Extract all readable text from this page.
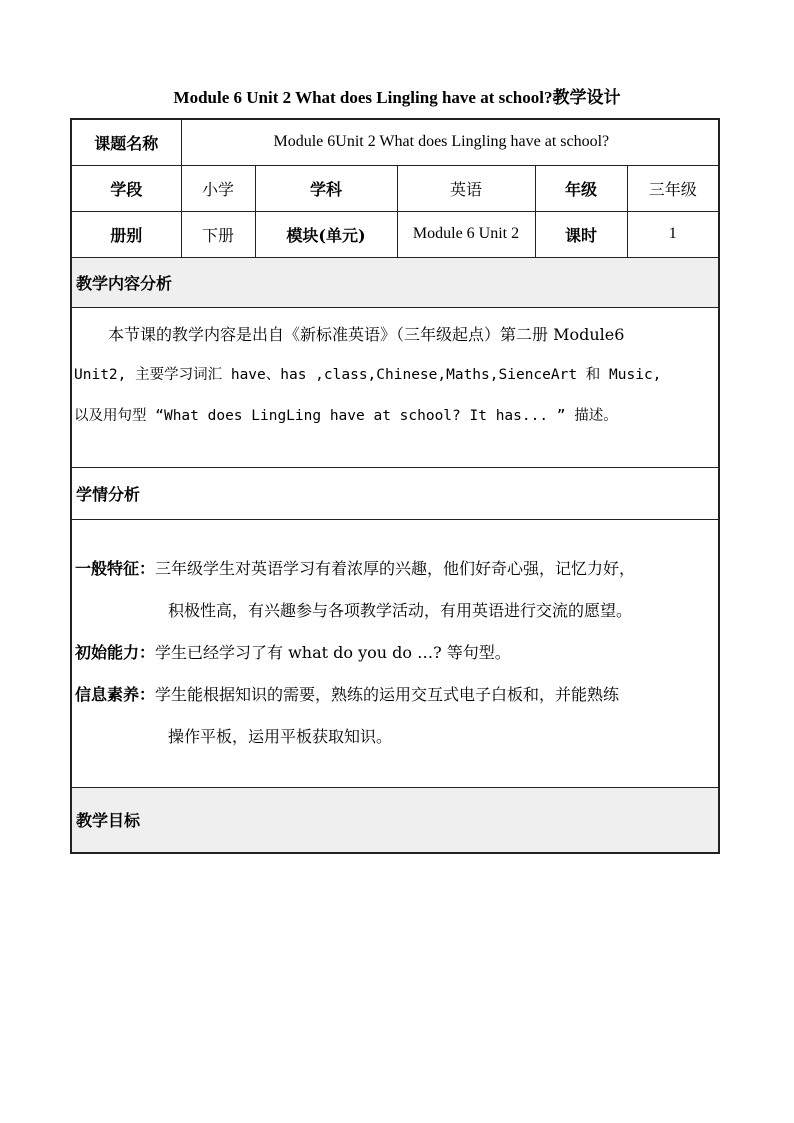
Module 6 Unit 2 What does Lingling have at school?教学设计
课题名称	Module 6Unit 2 What does Lingling have at school?				
学段	小学	学科	英语	年级	三年级
册别	下册	模块(单元)	Module 6 Unit 2	课时	1
教学内容分析					

本节课的教学内容是出自《新标准英语》（三年级起点）第二册 Module6
Unit2, 主要学习词汇 have、has ,class,Chinese,Maths,SienceArt 和 Music,
以及用句型 “What does LingLing have at school? It has... ” 描述。					

学情分析					

一般特征：三年级学生对英语学习有着浓厚的兴趣，他们好奇心强，记忆力好，
积极性高，有兴趣参与各项教学活动，有用英语进行交流的愿望。
初始能力：学生已经学习了有 what do you do …? 等句型。
信息素养：学生能根据知识的需要，熟练的运用交互式电子白板和，并能熟练
操作平板，运用平板获取知识。					

教学目标					
